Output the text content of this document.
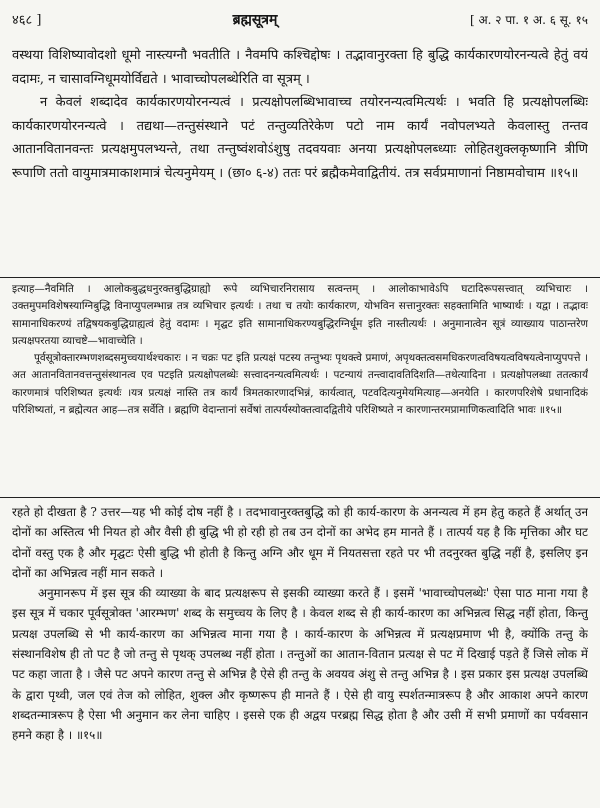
४६८ ]	ब्रह्मसूत्रम्	[ अ. २ पा. १ अ. ६ सू. १५

वस्थया विशिष्यावोदशो धूमो नास्त्यग्नौ भवतीति । नैवमपि कश्चिद्दोषः । तद्भावानुरक्ता हि बुद्धि कार्यकारणयोरनन्यत्वे हेतुं वयं वदामः, न चासावग्निधूमयोर्विद्यते । भावाच्चोपलब्धेरिति वा सूत्रम् ।

न केवलं शब्दादेव कार्यकारणयोरनन्यत्वं । प्रत्यक्षोपलब्धिभावाच्च तयोरनन्यत्वमित्यर्थः । भवति हि प्रत्यक्षोपलब्धिः कार्यकारणयोरनन्यत्वे । तद्यथा—तन्तुसंस्थाने पटं तन्तुव्यतिरेकेण पटो नाम कार्यं नवोपलभ्यते केवलास्तु तन्तव आतानवितानवन्तः प्रत्यक्षमुपलभ्यन्ते, तथा तन्तुष्वंशवोऽंशुषु तदवयवाः अनया प्रत्यक्षोपलब्ध्याः लोहितशुक्लकृष्णानि त्रीणि रूपाणि ततो वायुमात्रमाकाशमात्रं चेत्यनुमेयम् । (छा० ६-४) ततः परं ब्रह्मैकमेवाद्वितीयं. तत्र सर्वप्रमाणानां निष्ठामवोचाम ॥१५॥

इत्याह—नैवमिति । आलोकबुद्धधनुरक्तबुद्धिग्राह्यो रूपे व्यभिचारनिरासाय सत्वन्तम् । आलोकाभावेऽपि घटादिरूपसत्त्वात् व्यभिचारः । उक्तमुपमविशेषस्याग्निबुद्धि विनाप्युपलम्भान्न तत्र व्यभिचार इत्यर्थः । तथा च तयोः कार्यकारण, योभविन सत्तानुरक्तः सहक्तामिति भाष्यार्थः । यद्वा । तद्भावः सामानाधिकरण्यं तद्विषयकबुद्धिग्राह्यत्वं हेतुं वदामः । मृद्घट इति सामानाधिकरण्यबुद्धिरग्निर्धूम इति नास्तीत्यर्थः । अनुमानात्वेन सूत्रं व्याख्याय पाठान्तरेण प्रत्यक्षपरतया व्याचष्टे—भावाच्चेति ।

पूर्वसूत्रोक्तारम्भणशब्दसमुच्चयार्थश्चकारः । न चक्रः पट इति प्रत्यक्षं पटस्य तन्तुभ्यः पृथक्त्वे प्रमाणं, अपृथक्तत्वसमधिकरणत्वविषयत्वविषयत्वेनाप्युपपत्ते । अत आतानवितानवत्तन्तुसंस्थानत्व एव पटइति प्रत्यक्षोपलब्धेः सत्त्वादनन्यत्वमित्यर्थः । पटन्यायं तन्त्वादावतिदिशति—तथेत्यादिना । प्रत्यक्षोपलब्धा ततत्कार्यं कारणमात्रं परिशिष्यत इत्यर्थः ।यत्र प्रत्यक्षं नास्ति तत्र कार्यं त्रिमतकारणादभिन्नं, कार्यत्वात्, पटवदित्यनुमेयमित्याह—अनयेति । कारणपरिशेषे प्रधानादिकं परिशिष्यतां, न ब्रह्मेत्यत आह—तत्र सर्वेति । ब्रह्मणि वेदान्तानां सर्वेषां तात्पर्यस्योक्तत्वादद्वितीये परिशिष्यते न कारणान्तरमप्रामाणिकत्वादिति भावः ॥१५॥

रहते हो दीखता है ? उत्तर—यह भी कोई दोष नहीं है । तदभावानुरक्तबुद्धि को ही कार्य-कारण के अनन्यत्व में हम हेतु कहते हैं अर्थात् उन दोनों का अस्तित्व भी नियत हो और वैसी ही बुद्धि भी हो रही हो तब उन दोनों का अभेद हम मानते हैं । तात्पर्य यह है कि मृत्तिका और घट दोनों वस्तु एक है और मृद्घटः ऐसी बुद्धि भी होती है किन्तु अग्नि और धूम में नियतसत्ता रहते पर भी तदनुरक्त बुद्धि नहीं है, इसलिए इन दोनों का अभिन्नत्व नहीं मान सकते ।

अनुमानरूप में इस सूत्र की व्याख्या के बाद प्रत्यक्षरूप से इसकी व्याख्या करते हैं । इसमें 'भावाच्चोपलब्धेः' ऐसा पाठ माना गया है इस सूत्र में चकार पूर्वसूत्रोक्त 'आरम्भण' शब्द के समुच्चय के लिए है । केवल शब्द से ही कार्य-कारण का अभिन्नत्व सिद्ध नहीं होता, किन्तु प्रत्यक्ष उपलब्धि से भी कार्य-कारण का अभिन्नत्व माना गया है । कार्य-कारण के अभिन्नत्व में प्रत्यक्षप्रमाण भी है, क्योंकि तन्तु के संस्थानविशेष ही तो पट है जो तन्तु से पृथक् उपलब्ध नहीं होता । तन्तुओं का आतान-वितान प्रत्यक्ष से पट में दिखाई पड़ते हैं जिसे लोक में पट कहा जाता है । जैसे पट अपने कारण तन्तु से अभिन्न है ऐसे ही तन्तु के अवयव अंशु से तन्तु अभिन्न है । इस प्रकार इस प्रत्यक्ष उपलब्धि के द्वारा पृथ्वी, जल एवं तेज को लोहित, शुक्ल और कृष्णरूप ही मानते हैं । ऐसे ही वायु स्पर्शतन्मात्ररूप है और आकाश अपने कारण शब्दतन्मात्ररूप है ऐसा भी अनुमान कर लेना चाहिए । इससे एक ही अद्वय परब्रह्म सिद्ध होता है और उसी में सभी प्रमाणों का पर्यवसान हमने कहा है । ॥१५॥
